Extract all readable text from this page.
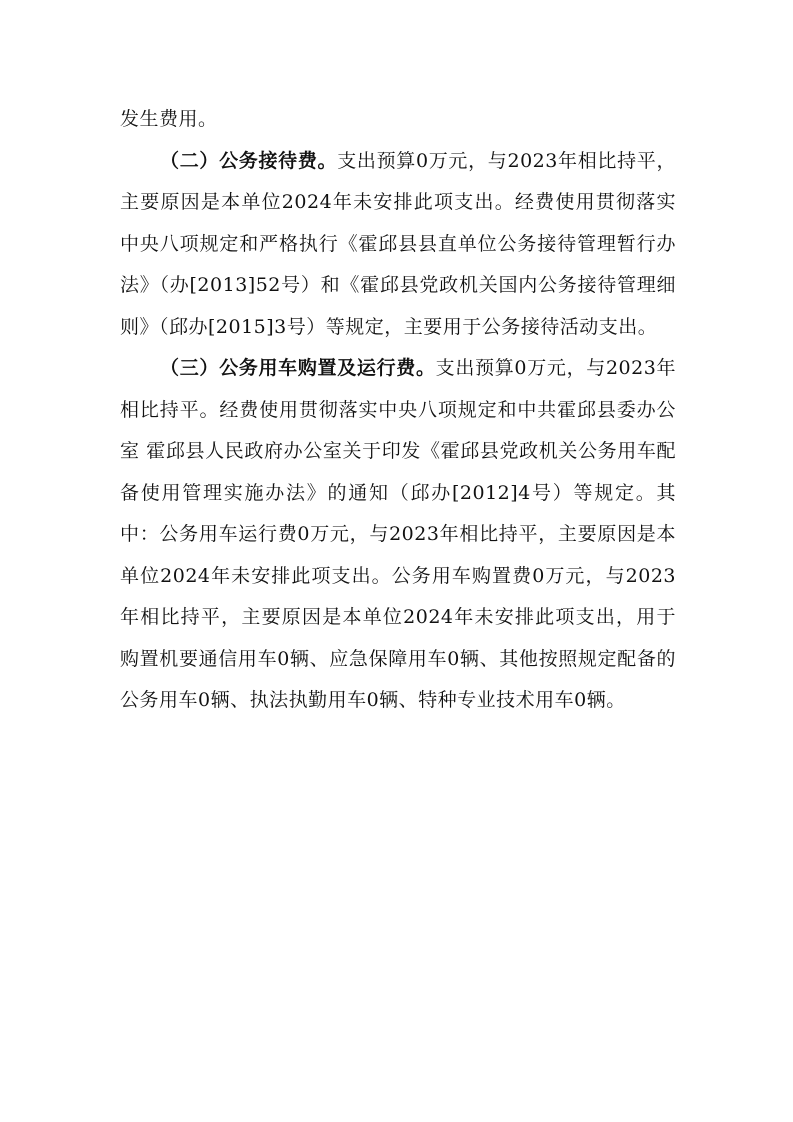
发生费用。

（二）公务接待费。支出预算0万元，与2023年相比持平，主要原因是本单位2024年未安排此项支出。经费使用贯彻落实中央八项规定和严格执行《霍邱县县直单位公务接待管理暂行办法》（办[2013]52号）和《霍邱县党政机关国内公务接待管理细则》（邱办[2015]3号）等规定，主要用于公务接待活动支出。

（三）公务用车购置及运行费。支出预算0万元，与2023年相比持平。经费使用贯彻落实中央八项规定和中共霍邱县委办公室 霍邱县人民政府办公室关于印发《霍邱县党政机关公务用车配备使用管理实施办法》的通知（邱办[2012]4号）等规定。其中：公务用车运行费0万元，与2023年相比持平，主要原因是本单位2024年未安排此项支出。公务用车购置费0万元，与2023年相比持平，主要原因是本单位2024年未安排此项支出，用于购置机要通信用车0辆、应急保障用车0辆、其他按照规定配备的公务用车0辆、执法执勤用车0辆、特种专业技术用车0辆。
